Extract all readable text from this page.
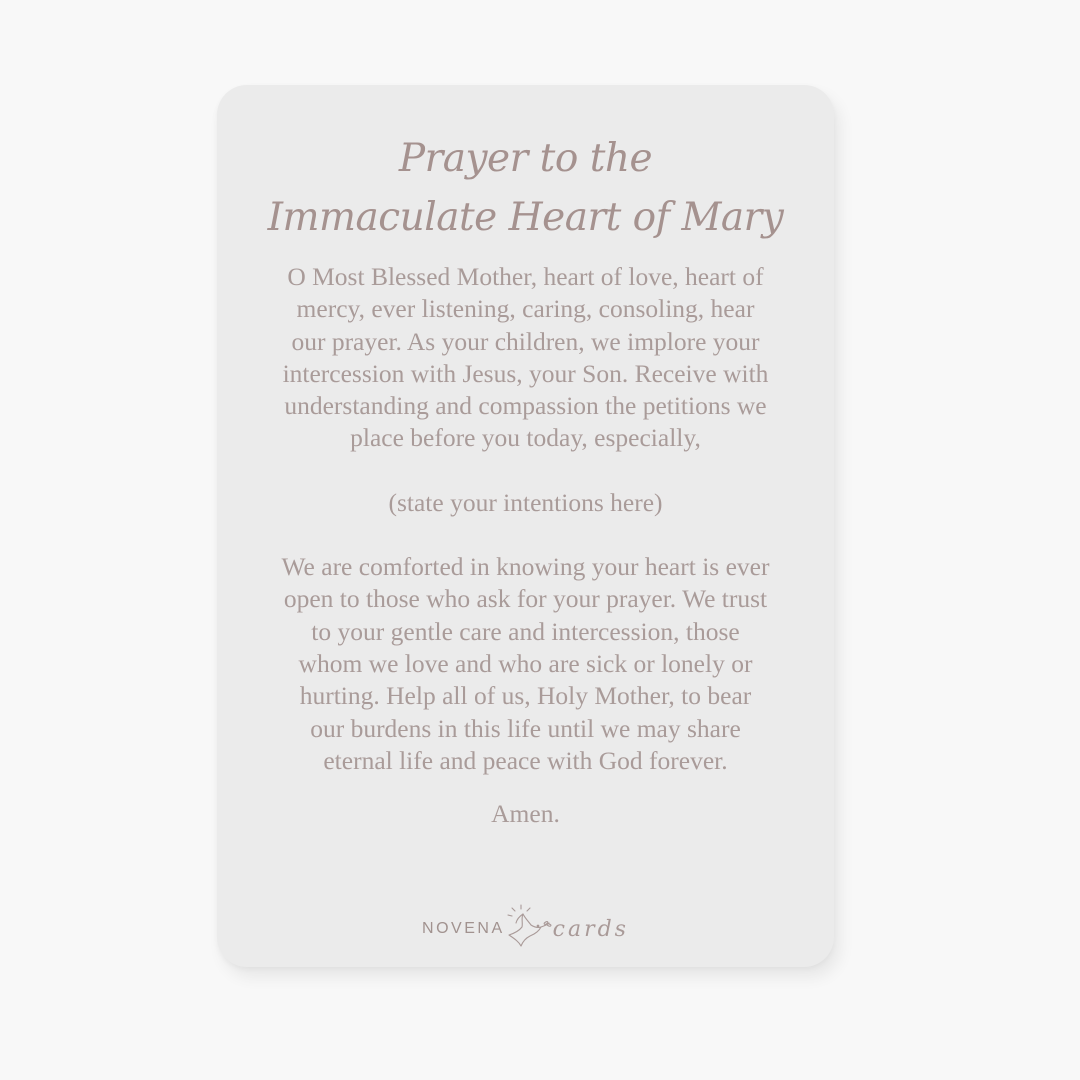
Prayer to the
Immaculate Heart of Mary
O Most Blessed Mother, heart of love, heart of
mercy, ever listening, caring, consoling, hear
our prayer. As your children, we implore your
intercession with Jesus, your Son. Receive with
understanding and compassion the petitions we
place before you today, especially,
(state your intentions here)
We are comforted in knowing your heart is ever
open to those who ask for your prayer. We trust
to your gentle care and intercession, those
whom we love and who are sick or lonely or
hurting. Help all of us, Holy Mother, to bear
our burdens in this life until we may share
eternal life and peace with God forever.
Amen.
NOVENA cards
